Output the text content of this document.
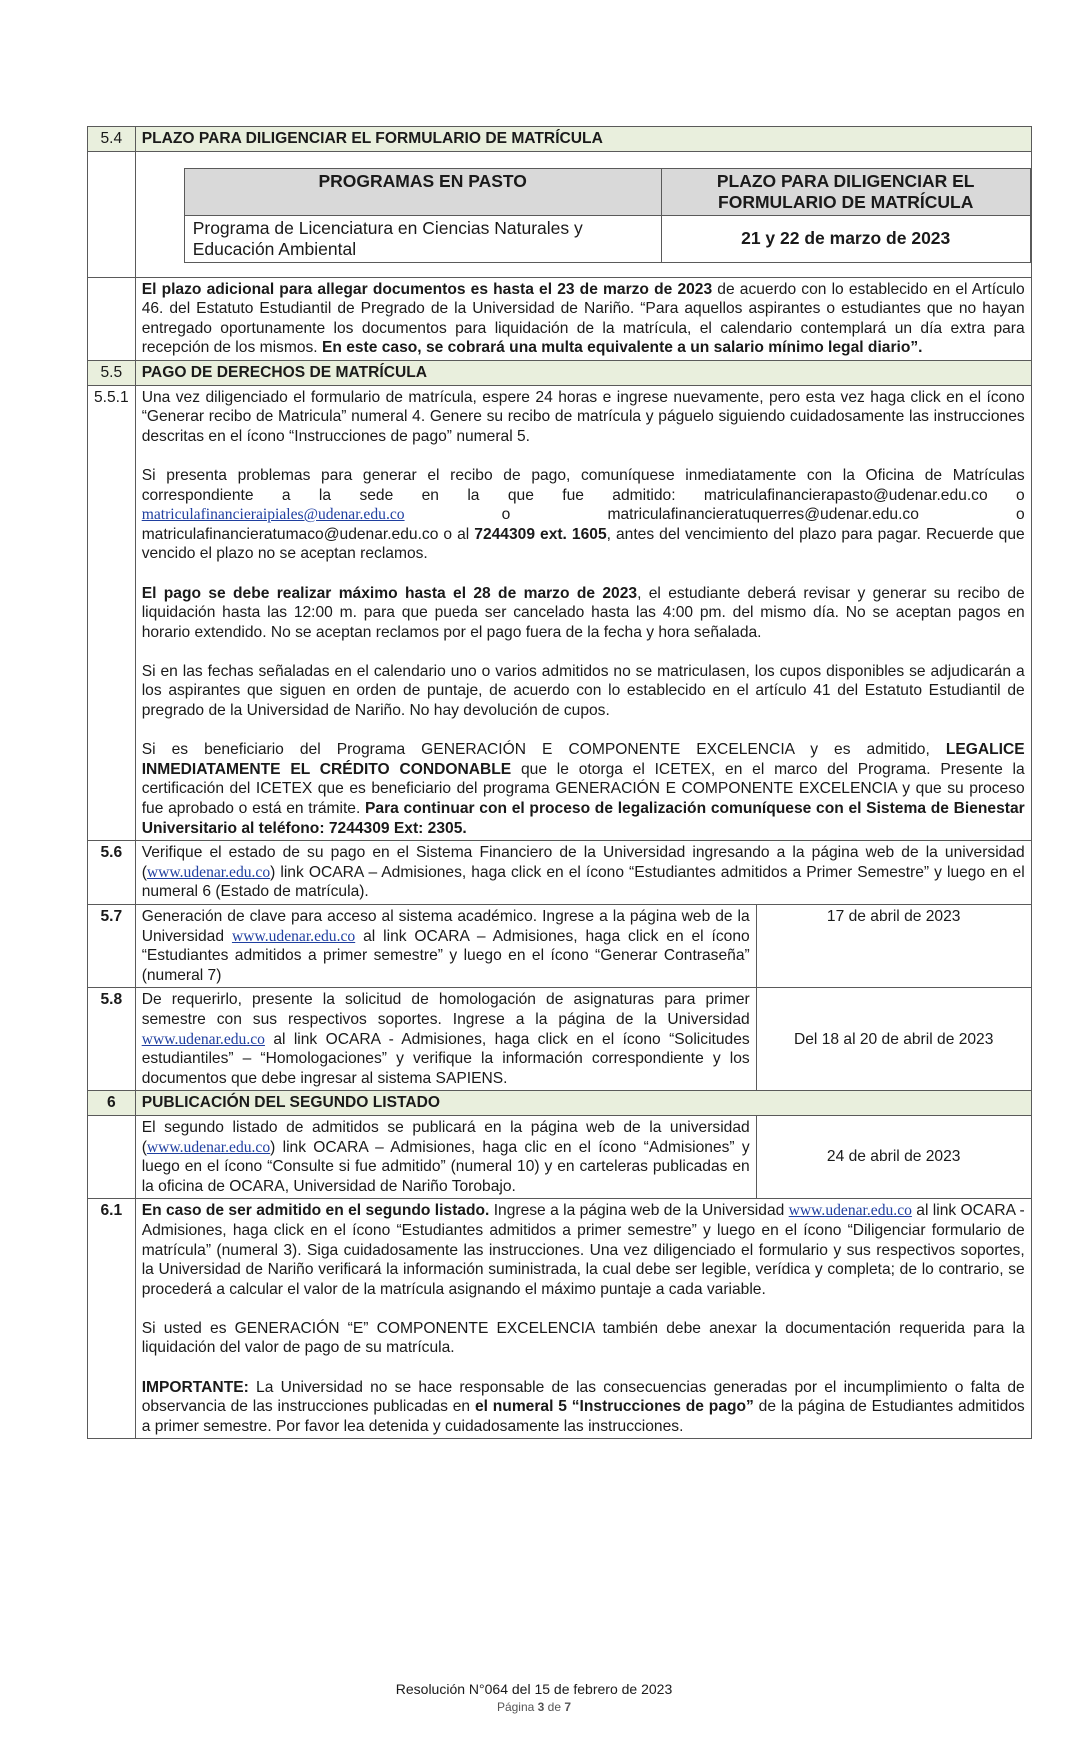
5.4	PLAZO PARA DILIGENCIAR EL FORMULARIO DE MATRÍCULA

PROGRAMAS EN PASTO	PLAZO PARA DILIGENCIAR EL FORMULARIO DE MATRÍCULA
Programa de Licenciatura en Ciencias Naturales y Educación Ambiental	21 y 22 de marzo de 2023

	El plazo adicional para allegar documentos es hasta el 23 de marzo de 2023 de acuerdo con lo establecido en el Artículo 46. del Estatuto Estudiantil de Pregrado de la Universidad de Nariño. “Para aquellos aspirantes o estudiantes que no hayan entregado oportunamente los documentos para liquidación de la matrícula, el calendario contemplará un día extra para recepción de los mismos. En este caso, se cobrará una multa equivalente a un salario mínimo legal diario”.
5.5	PAGO DE DERECHOS DE MATRÍCULA
5.5.1	Una vez diligenciado el formulario de matrícula, espere 24 horas e ingrese nuevamente, pero esta vez haga click en el ícono “Generar recibo de Matricula” numeral 4. Genere su recibo de matrícula y páguelo siguiendo cuidadosamente las instrucciones descritas en el ícono “Instrucciones de pago” numeral 5.

Si presenta problemas para generar el recibo de pago, comuníquese inmediatamente con la Oficina de Matrículas correspondiente a la sede en la que fue admitido: matriculafinancierapasto@udenar.edu.co o matriculafinancieraipiales@udenar.edu.co o matriculafinancieratuquerres@udenar.edu.co o matriculafinancieratumaco@udenar.edu.co o al 7244309 ext. 1605, antes del vencimiento del plazo para pagar. Recuerde que vencido el plazo no se aceptan reclamos.

El pago se debe realizar máximo hasta el 28 de marzo de 2023, el estudiante deberá revisar y generar su recibo de liquidación hasta las 12:00 m. para que pueda ser cancelado hasta las 4:00 pm. del mismo día. No se aceptan pagos en horario extendido. No se aceptan reclamos por el pago fuera de la fecha y hora señalada.

Si en las fechas señaladas en el calendario uno o varios admitidos no se matriculasen, los cupos disponibles se adjudicarán a los aspirantes que siguen en orden de puntaje, de acuerdo con lo establecido en el artículo 41 del Estatuto Estudiantil de pregrado de la Universidad de Nariño. No hay devolución de cupos.

Si es beneficiario del Programa GENERACIÓN E COMPONENTE EXCELENCIA y es admitido, LEGALICE INMEDIATAMENTE EL CRÉDITO CONDONABLE que le otorga el ICETEX, en el marco del Programa. Presente la certificación del ICETEX que es beneficiario del programa GENERACIÓN E COMPONENTE EXCELENCIA y que su proceso fue aprobado o está en trámite. Para continuar con el proceso de legalización comuníquese con el Sistema de Bienestar Universitario al teléfono: 7244309 Ext: 2305.

5.6	Verifique el estado de su pago en el Sistema Financiero de la Universidad ingresando a la página web de la universidad (www.udenar.edu.co) link OCARA – Admisiones, haga click en el ícono “Estudiantes admitidos a Primer Semestre” y luego en el numeral 6 (Estado de matrícula).
5.7	Generación de clave para acceso al sistema académico. Ingrese a la página web de la Universidad www.udenar.edu.co al link OCARA – Admisiones, haga click en el ícono “Estudiantes admitidos a primer semestre” y luego en el ícono “Generar Contraseña” (numeral 7)	17 de abril de 2023
5.8	De requerirlo, presente la solicitud de homologación de asignaturas para primer semestre con sus respectivos soportes. Ingrese a la página de la Universidad www.udenar.edu.co al link OCARA - Admisiones, haga click en el ícono “Solicitudes estudiantiles” – “Homologaciones” y verifique la información correspondiente y los documentos que debe ingresar al sistema SAPIENS.	Del 18 al 20 de abril de 2023
6	PUBLICACIÓN DEL SEGUNDO LISTADO
	El segundo listado de admitidos se publicará en la página web de la universidad (www.udenar.edu.co) link OCARA – Admisiones, haga clic en el ícono “Admisiones” y luego en el ícono “Consulte si fue admitido” (numeral 10) y en carteleras publicadas en la oficina de OCARA, Universidad de Nariño Torobajo.	24 de abril de 2023
6.1	En caso de ser admitido en el segundo listado. Ingrese a la página web de la Universidad www.udenar.edu.co al link OCARA - Admisiones, haga click en el ícono “Estudiantes admitidos a primer semestre” y luego en el ícono “Diligenciar formulario de matrícula” (numeral 3). Siga cuidadosamente las instrucciones. Una vez diligenciado el formulario y sus respectivos soportes, la Universidad de Nariño verificará la información suministrada, la cual debe ser legible, verídica y completa; de lo contrario, se procederá a calcular el valor de la matrícula asignando el máximo puntaje a cada variable.

Si usted es GENERACIÓN “E” COMPONENTE EXCELENCIA también debe anexar la documentación requerida para la liquidación del valor de pago de su matrícula.

IMPORTANTE: La Universidad no se hace responsable de las consecuencias generadas por el incumplimiento o falta de observancia de las instrucciones publicadas en el numeral 5 “Instrucciones de pago” de la página de Estudiantes admitidos a primer semestre. Por favor lea detenida y cuidadosamente las instrucciones.

Resolución N°064 del 15 de febrero de 2023
Página 3 de 7
